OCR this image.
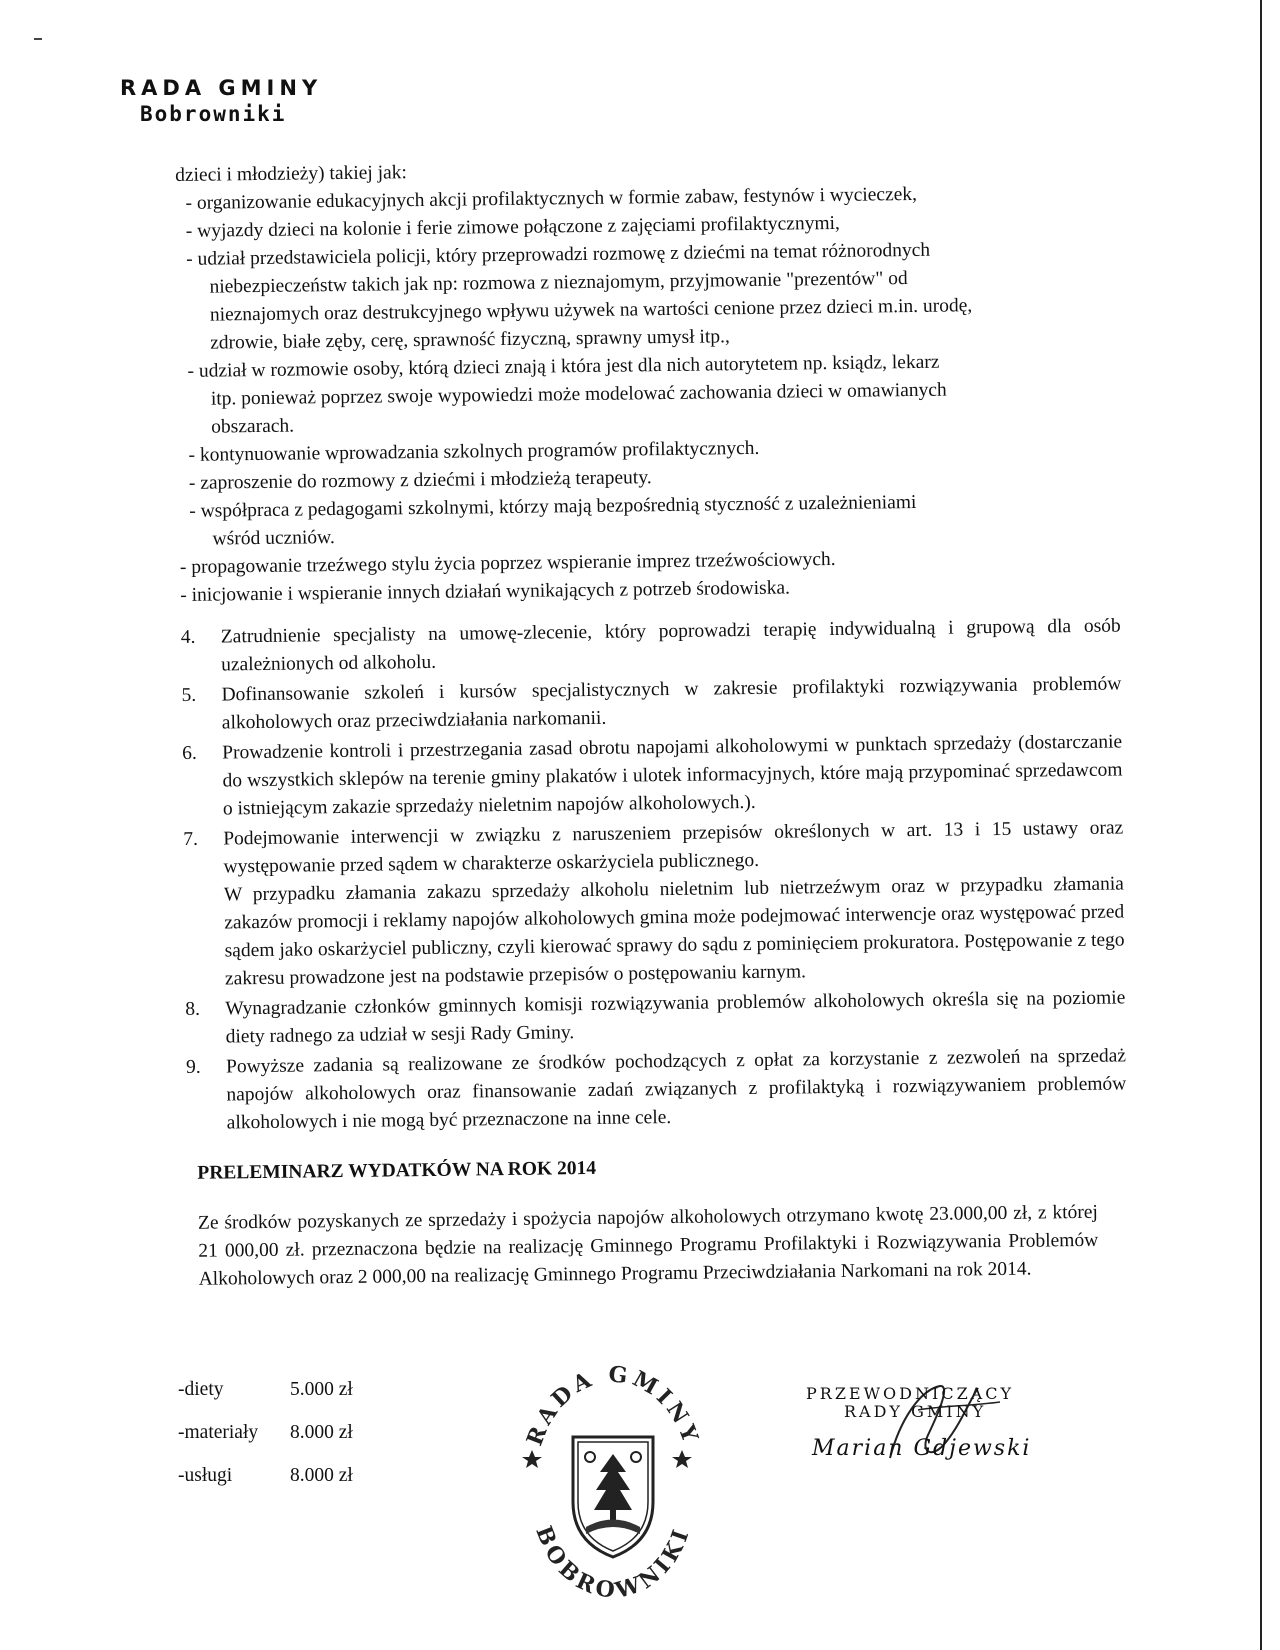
RADA GMINY
Bobrowniki
dzieci i młodzieży) takiej jak:
- organizowanie edukacyjnych akcji profilaktycznych w formie zabaw, festynów i wycieczek,
- wyjazdy dzieci na kolonie i ferie zimowe połączone z zajęciami profilaktycznymi,
- udział przedstawiciela policji, który przeprowadzi rozmowę z dziećmi na temat różnorodnych
niebezpieczeństw takich jak np: rozmowa z nieznajomym, przyjmowanie "prezentów" od
nieznajomych oraz destrukcyjnego wpływu używek na wartości cenione przez dzieci m.in. urodę,
zdrowie, białe zęby, cerę, sprawność fizyczną, sprawny umysł itp.,
- udział w rozmowie osoby, którą dzieci znają i która jest dla nich autorytetem np. ksiądz, lekarz
itp. ponieważ poprzez swoje wypowiedzi może modelować zachowania dzieci w omawianych
obszarach.
- kontynuowanie wprowadzania szkolnych programów profilaktycznych.
- zaproszenie do rozmowy z dziećmi i młodzieżą terapeuty.
- współpraca z pedagogami szkolnymi, którzy mają bezpośrednią styczność z uzależnieniami
wśród uczniów.
- propagowanie trzeźwego stylu życia poprzez wspieranie imprez trzeźwościowych.
- inicjowanie i wspieranie innych działań wynikających z potrzeb środowiska.
4.	Zatrudnienie specjalisty na umowę-zlecenie, który poprowadzi terapię indywidualną i grupową dla osób uzależnionych od alkoholu.
5.	Dofinansowanie szkoleń i kursów specjalistycznych w zakresie profilaktyki rozwiązywania problemów alkoholowych oraz przeciwdziałania narkomanii.
6.	Prowadzenie kontroli i przestrzegania zasad obrotu napojami alkoholowymi w punktach sprzedaży (dostarczanie do wszystkich sklepów na terenie gminy plakatów i ulotek informacyjnych, które mają przypominać sprzedawcom o istniejącym zakazie sprzedaży nieletnim napojów alkoholowych.).
7.	Podejmowanie interwencji w związku z naruszeniem przepisów określonych w art. 13 i 15 ustawy oraz występowanie przed sądem w charakterze oskarżyciela publicznego.

W przypadku złamania zakazu sprzedaży alkoholu nieletnim lub nietrzeźwym oraz w przypadku złamania zakazów promocji i reklamy napojów alkoholowych gmina może podejmować interwencje oraz występować przed sądem jako oskarżyciel publiczny, czyli kierować sprawy do sądu z pominięciem prokuratora. Postępowanie z tego zakresu prowadzone jest na podstawie przepisów o postępowaniu karnym.

8.	Wynagradzanie członków gminnych komisji rozwiązywania problemów alkoholowych określa się na poziomie diety radnego za udział w sesji Rady Gminy.
9.	Powyższe zadania są realizowane ze środków pochodzących z opłat za korzystanie z zezwoleń na sprzedaż napojów alkoholowych oraz finansowanie zadań związanych z profilaktyką i rozwiązywaniem problemów alkoholowych i nie mogą być przeznaczone na inne cele.
PRELEMINARZ WYDATKÓW NA ROK 2014
Ze środków pozyskanych ze sprzedaży i spożycia napojów alkoholowych otrzymano kwotę 23.000,00 zł, z której 21 000,00 zł. przeznaczona będzie na realizację Gminnego Programu Profilaktyki i Rozwiązywania Problemów Alkoholowych oraz 2 000,00 na realizację Gminnego Programu Przeciwdziałania Narkomani na rok 2014.
-diety	5.000 zł
-materiały	8.000 zł
-usługi	8.000 zł
RADA GMINY
BOBROWNIKI
PRZEWODNICZĄCY
RADY GMINY
Marian Gdjewski
